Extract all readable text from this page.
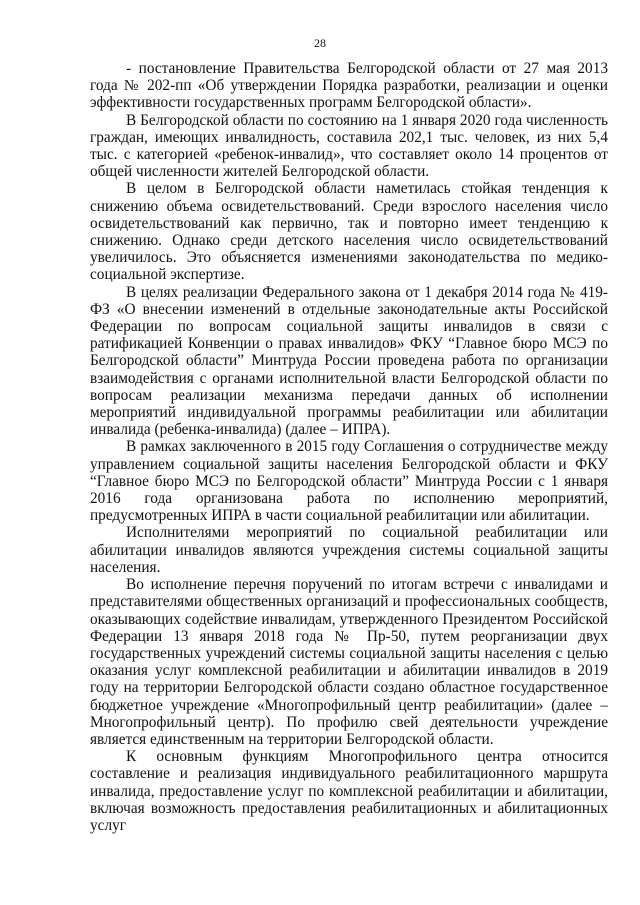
28

- постановление Правительства Белгородской области от 27 мая 2013 года № 202-пп «Об утверждении Порядка разработки, реализации и оценки эффективности государственных программ Белгородской области».

В Белгородской области по состоянию на 1 января 2020 года численность граждан, имеющих инвалидность, составила 202,1 тыс. человек, из них 5,4 тыс. с категорией «ребенок-инвалид», что составляет около 14 процентов от общей численности жителей Белгородской области.

В целом в Белгородской области наметилась стойкая тенденция к снижению объема освидетельствований. Среди взрослого населения число освидетельствований как первично, так и повторно имеет тенденцию к снижению. Однако среди детского населения число освидетельствований увеличилось. Это объясняется изменениями законодательства по медико-социальной экспертизе.

В целях реализации Федерального закона от 1 декабря 2014 года № 419-ФЗ «О внесении изменений в отдельные законодательные акты Российской Федерации по вопросам социальной защиты инвалидов в связи с ратификацией Конвенции о правах инвалидов» ФКУ “Главное бюро МСЭ по Белгородской области” Минтруда России проведена работа по организации взаимодействия с органами исполнительной власти Белгородской области по вопросам реализации механизма передачи данных об исполнении мероприятий индивидуальной программы реабилитации или абилитации инвалида (ребенка-инвалида) (далее – ИПРА).

В рамках заключенного в 2015 году Соглашения о сотрудничестве между управлением социальной защиты населения Белгородской области и ФКУ “Главное бюро МСЭ по Белгородской области” Минтруда России с 1 января 2016 года организована работа по исполнению мероприятий, предусмотренных ИПРА в части социальной реабилитации или абилитации.

Исполнителями мероприятий по социальной реабилитации или абилитации инвалидов являются учреждения системы социальной защиты населения.

Во исполнение перечня поручений по итогам встречи с инвалидами и представителями общественных организаций и профессиональных сообществ, оказывающих содействие инвалидам, утвержденного Президентом Российской Федерации 13 января 2018 года № Пр-50, путем реорганизации двух государственных учреждений системы социальной защиты населения с целью оказания услуг комплексной реабилитации и абилитации инвалидов в 2019 году на территории Белгородской области создано областное государственное бюджетное учреждение «Многопрофильный центр реабилитации» (далее – Многопрофильный центр). По профилю свей деятельности учреждение является единственным на территории Белгородской области.

К основным функциям Многопрофильного центра относится составление и реализация индивидуального реабилитационного маршрута инвалида, предоставление услуг по комплексной реабилитации и абилитации, включая возможность предоставления реабилитационных и абилитационных услуг
